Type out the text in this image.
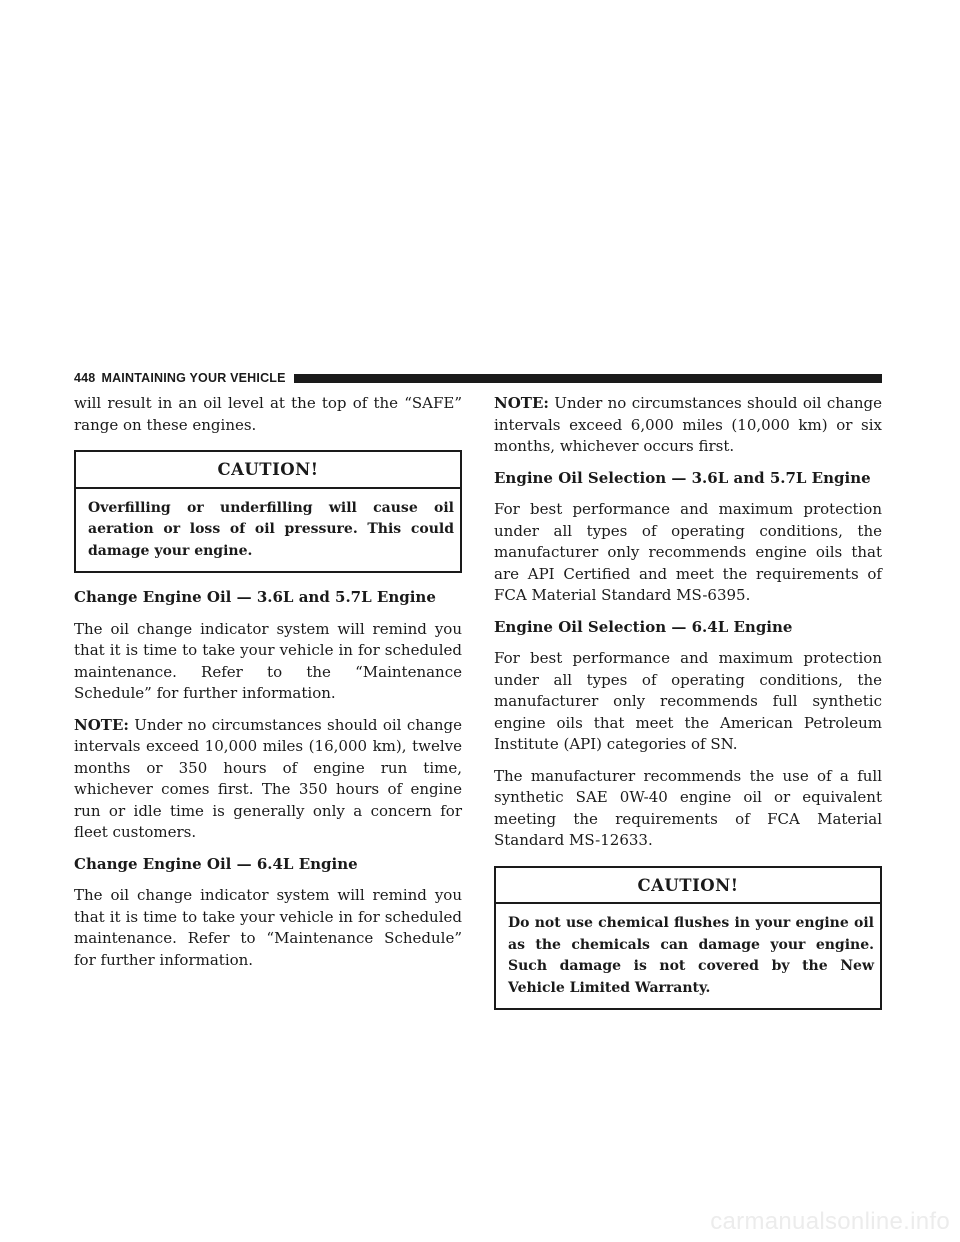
448 MAINTAINING YOUR VEHICLE

will result in an oil level at the top of the “SAFE” range on these engines.

CAUTION!
Overfilling or underfilling will cause oil aeration or loss of oil pressure. This could damage your engine.

Change Engine Oil — 3.6L and 5.7L Engine

The oil change indicator system will remind you that it is time to take your vehicle in for scheduled maintenance. Refer to the “Maintenance Schedule” for further information.

NOTE: Under no circumstances should oil change intervals exceed 10,000 miles (16,000 km), twelve months or 350 hours of engine run time, whichever comes first. The 350 hours of engine run or idle time is generally only a concern for fleet customers.

Change Engine Oil — 6.4L Engine

The oil change indicator system will remind you that it is time to take your vehicle in for scheduled maintenance. Refer to “Maintenance Schedule” for further information.

NOTE: Under no circumstances should oil change intervals exceed 6,000 miles (10,000 km) or six months, whichever occurs first.

Engine Oil Selection — 3.6L and 5.7L Engine

For best performance and maximum protection under all types of operating conditions, the manufacturer only recommends engine oils that are API Certified and meet the requirements of FCA Material Standard MS-6395.

Engine Oil Selection — 6.4L Engine

For best performance and maximum protection under all types of operating conditions, the manufacturer only recommends full synthetic engine oils that meet the American Petroleum Institute (API) categories of SN.

The manufacturer recommends the use of a full synthetic SAE 0W-40 engine oil or equivalent meeting the requirements of FCA Material Standard MS-12633.

CAUTION!
Do not use chemical flushes in your engine oil as the chemicals can damage your engine. Such damage is not covered by the New Vehicle Limited Warranty.
carmanualsonline.info
